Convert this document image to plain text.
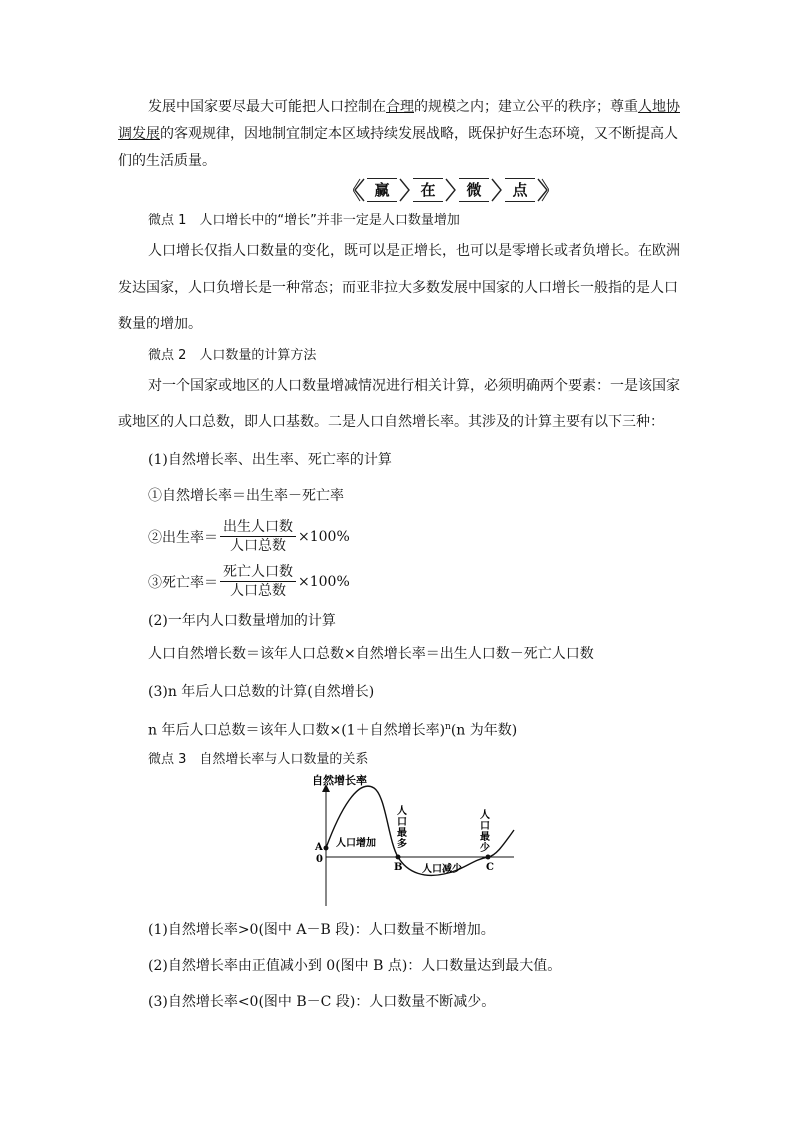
发展中国家要尽最大可能把人口控制在合理的规模之内；建立公平的秩序；尊重人地协
调发展的客观规律，因地制宜制定本区域持续发展战略，既保护好生态环境，又不断提高人
们的生活质量。
赢	在	微	点
微点 1　人口增长中的“增长”并非一定是人口数量增加
人口增长仅指人口数量的变化，既可以是正增长，也可以是零增长或者负增长。在欧洲
发达国家，人口负增长是一种常态；而亚非拉大多数发展中国家的人口增长一般指的是人口
数量的增加。
微点 2　人口数量的计算方法
对一个国家或地区的人口数量增减情况进行相关计算，必须明确两个要素：一是该国家
或地区的人口总数，即人口基数。二是人口自然增长率。其涉及的计算主要有以下三种：
(1)自然增长率、出生率、死亡率的计算
①自然增长率＝出生率－死亡率
②出生率＝ $\frac{\text{出生人口数}}{\text{人口总数}} \times 100\%$
③死亡率＝ $\frac{\text{死亡人口数}}{\text{人口总数}} \times 100\%$
(2)一年内人口数量增加的计算
人口自然增长数＝该年人口总数×自然增长率＝出生人口数－死亡人口数
(3)n 年后人口总数的计算(自然增长)
n 年后人口总数＝该年人口数×(1＋自然增长率)$^n$(n 为年数)
微点 3　自然增长率与人口数量的关系
自然增长率
0
A
B	C
人口增加
人口减少
人
口
最
多
人
口
最
少
(1)自然增长率>0(图中 A－B 段)：人口数量不断增加。
(2)自然增长率由正值减小到 0(图中 B 点)：人口数量达到最大值。
(3)自然增长率<0(图中 B－C 段)：人口数量不断减少。
